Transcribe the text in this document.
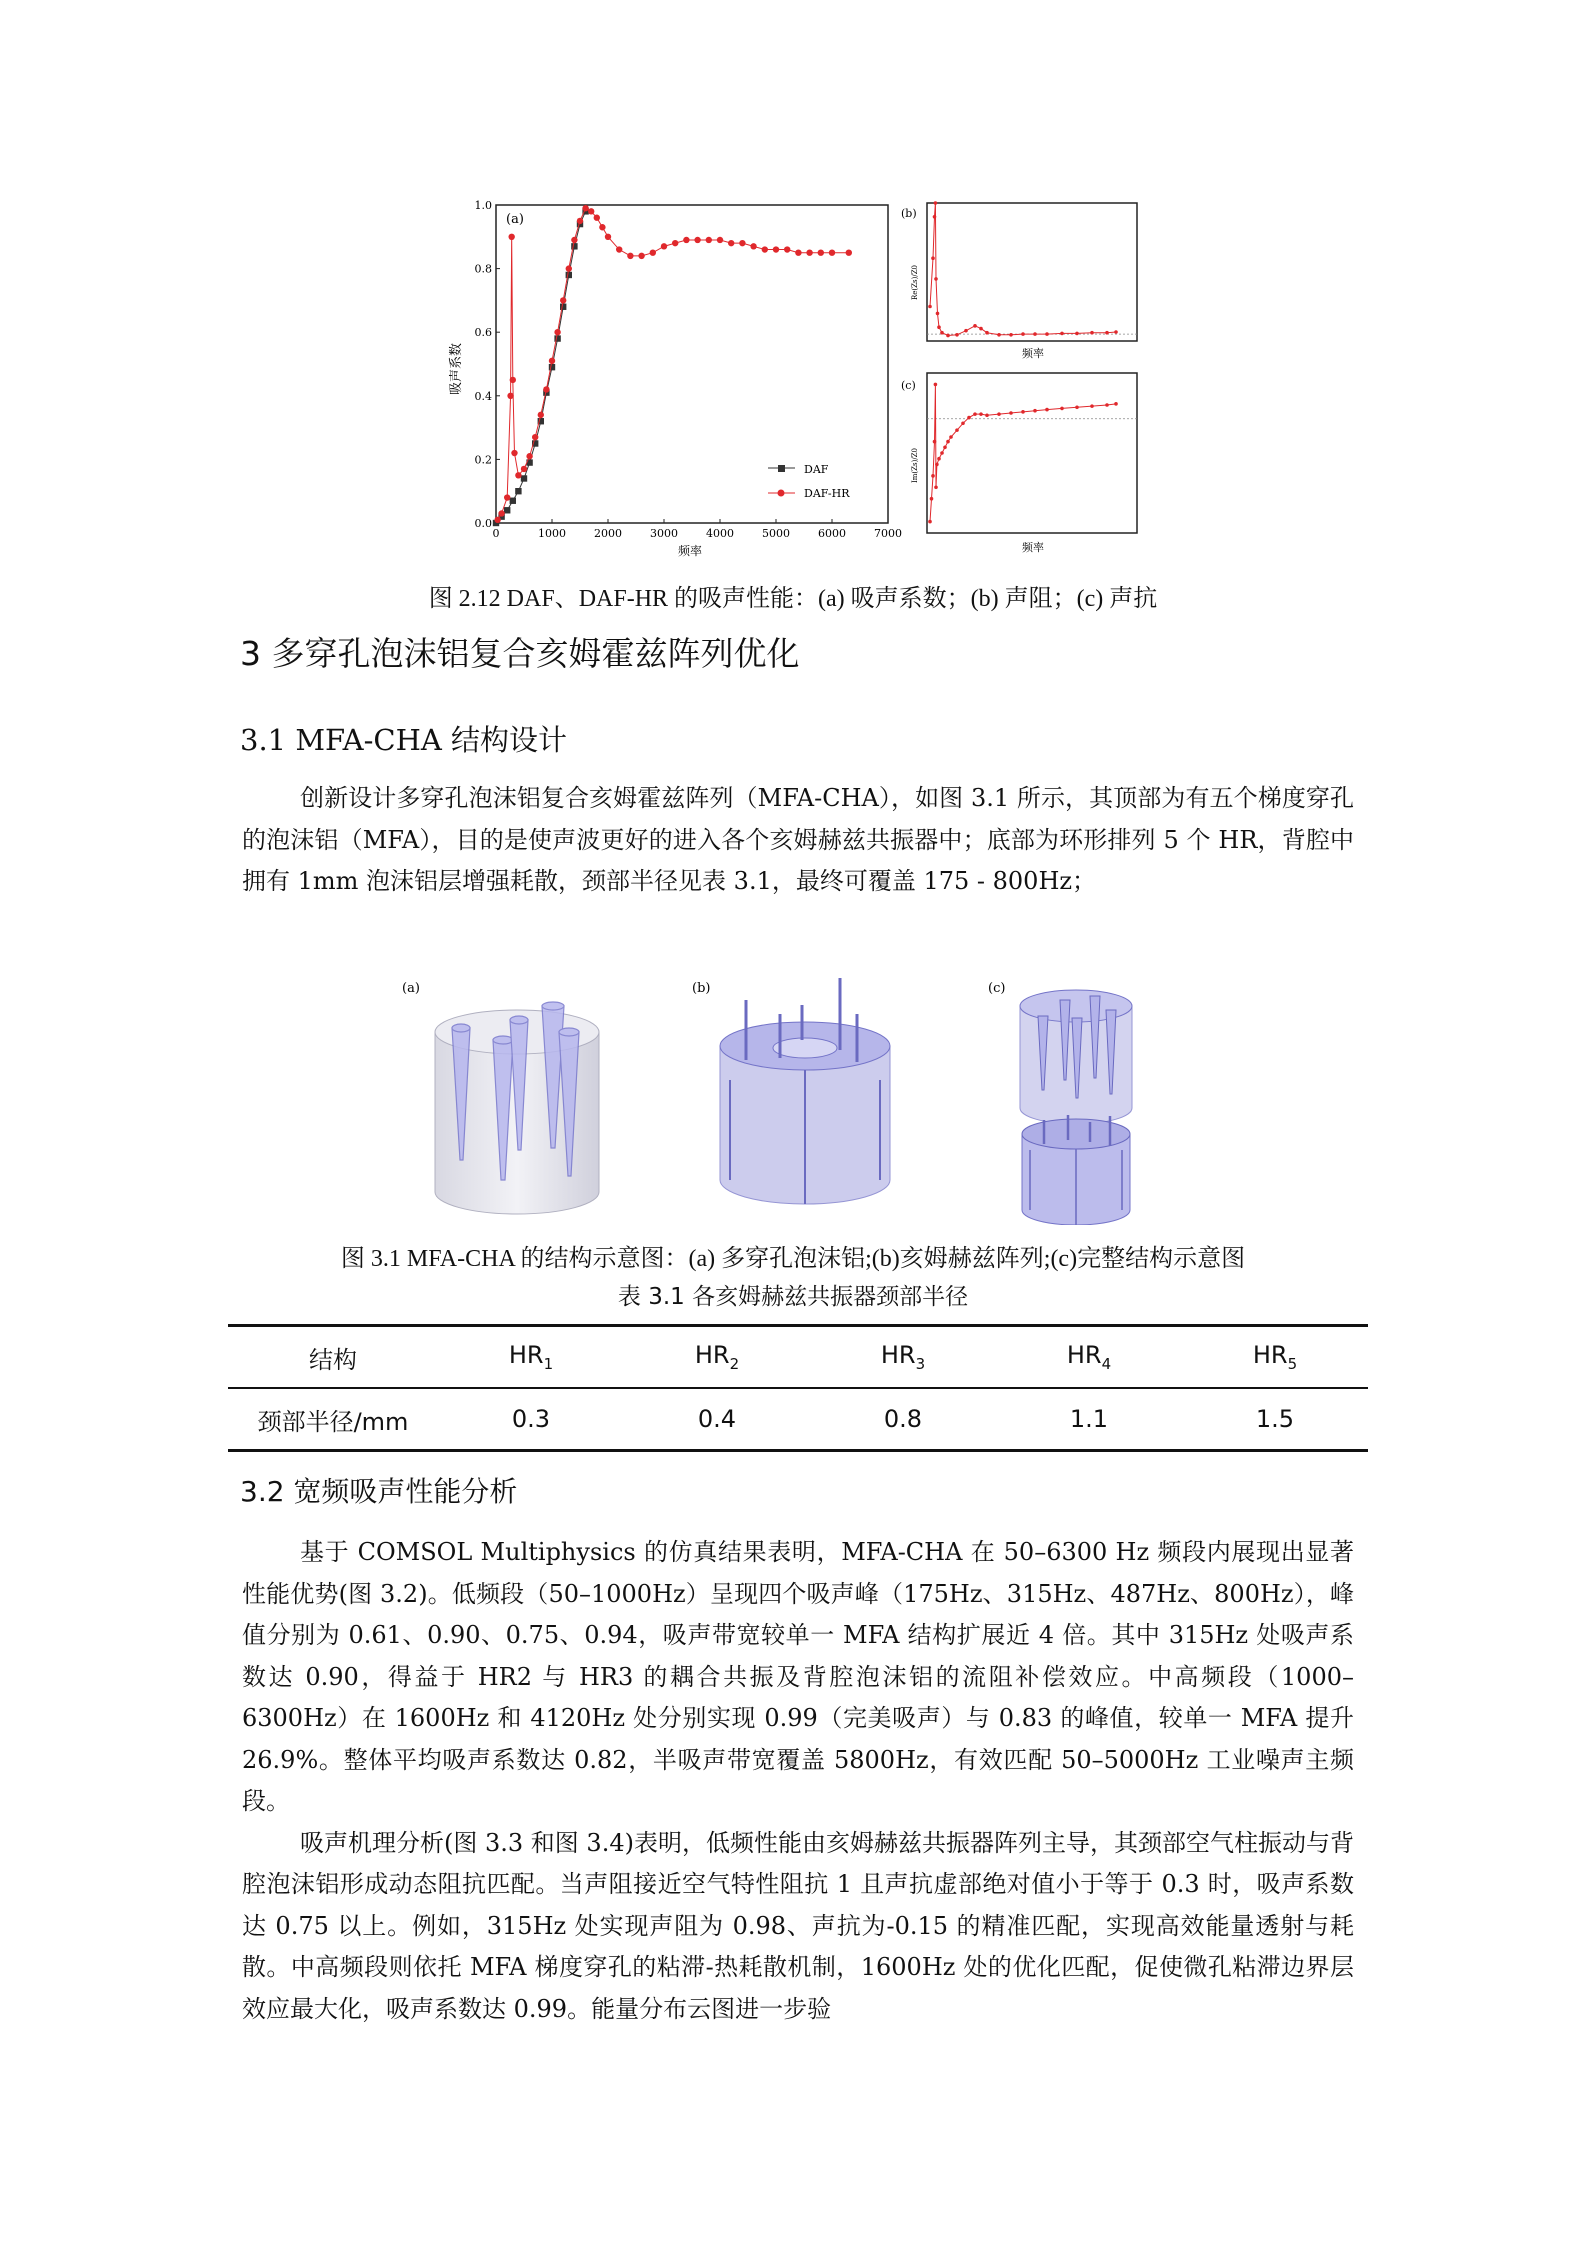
(a)
吸声系数
频率
0	1000	2000	3000	4000	5000	6000	7000
0.0
0.2
0.4
0.6
0.8
1.0
DAF
DAF-HR
(b)
Re(Zs)/Z0
频率
(c)
Im(Zs)/Z0
频率
图 2.12 DAF、DAF-HR 的吸声性能：(a) 吸声系数；(b) 声阻；(c) 声抗
3 多穿孔泡沫铝复合亥姆霍兹阵列优化
3.1 MFA-CHA 结构设计

创新设计多穿孔泡沫铝复合亥姆霍兹阵列（MFA-CHA），如图 3.1 所示，其顶部为有五个梯度穿孔的泡沫铝（MFA），目的是使声波更好的进入各个亥姆赫兹共振器中；底部为环形排列 5 个 HR，背腔中拥有 1mm 泡沫铝层增强耗散，颈部半径见表 3.1，最终可覆盖 175 - 800Hz；

(a)	(b)	(c)
图 3.1 MFA-CHA 的结构示意图：(a) 多穿孔泡沫铝;(b)亥姆赫兹阵列;(c)完整结构示意图
表 3.1 各亥姆赫兹共振器颈部半径
结构	$HR_1$	$HR_2$	$HR_3$	$HR_4$	$HR_5$
颈部半径/mm	0.3	0.4	0.8	1.1	1.5
3.2 宽频吸声性能分析

基于 COMSOL Multiphysics 的仿真结果表明，MFA-CHA 在 50–6300 Hz 频段内展现出显著性能优势(图 3.2)。低频段（50–1000Hz）呈现四个吸声峰（175Hz、315Hz、487Hz、800Hz），峰值分别为 0.61、0.90、0.75、0.94，吸声带宽较单一 MFA 结构扩展近 4 倍。其中 315Hz 处吸声系数达 0.90，得益于 HR2 与 HR3 的耦合共振及背腔泡沫铝的流阻补偿效应。中高频段（1000–6300Hz）在 1600Hz 和 4120Hz 处分别实现 0.99（完美吸声）与 0.83 的峰值，较单一 MFA 提升 26.9%。整体平均吸声系数达 0.82，半吸声带宽覆盖 5800Hz，有效匹配 50–5000Hz 工业噪声主频段。

吸声机理分析(图 3.3 和图 3.4)表明，低频性能由亥姆赫兹共振器阵列主导，其颈部空气柱振动与背腔泡沫铝形成动态阻抗匹配。当声阻接近空气特性阻抗 1 且声抗虚部绝对值小于等于 0.3 时，吸声系数达 0.75 以上。例如，315Hz 处实现声阻为 0.98、声抗为-0.15 的精准匹配，实现高效能量透射与耗散。中高频段则依托 MFA 梯度穿孔的粘滞-热耗散机制，1600Hz 处的优化匹配，促使微孔粘滞边界层效应最大化，吸声系数达 0.99。能量分布云图进一步验
